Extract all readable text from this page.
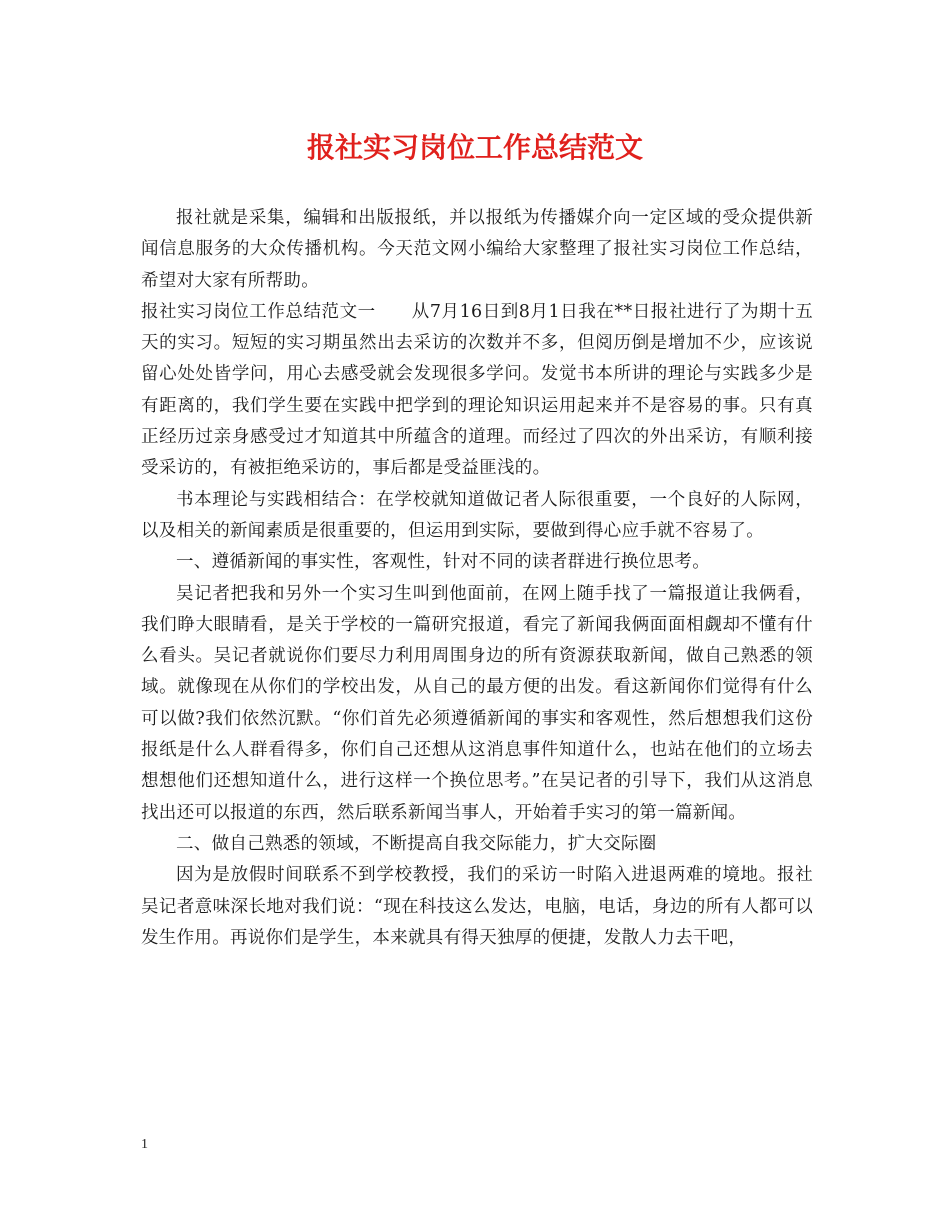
报社实习岗位工作总结范文

报社就是采集，编辑和出版报纸，并以报纸为传播媒介向一定区域的受众提供新闻信息服务的大众传播机构。今天范文网小编给大家整理了报社实习岗位工作总结，希望对大家有所帮助。

报社实习岗位工作总结范文一　　从7月16日到8月1日我在**日报社进行了为期十五天的实习。短短的实习期虽然出去采访的次数并不多，但阅历倒是增加不少，应该说留心处处皆学问，用心去感受就会发现很多学问。发觉书本所讲的理论与实践多少是有距离的，我们学生要在实践中把学到的理论知识运用起来并不是容易的事。只有真正经历过亲身感受过才知道其中所蕴含的道理。而经过了四次的外出采访，有顺利接受采访的，有被拒绝采访的，事后都是受益匪浅的。

书本理论与实践相结合：在学校就知道做记者人际很重要，一个良好的人际网，以及相关的新闻素质是很重要的，但运用到实际，要做到得心应手就不容易了。

一、遵循新闻的事实性，客观性，针对不同的读者群进行换位思考。

吴记者把我和另外一个实习生叫到他面前，在网上随手找了一篇报道让我俩看，我们睁大眼睛看，是关于学校的一篇研究报道，看完了新闻我俩面面相觑却不懂有什么看头。吴记者就说你们要尽力利用周围身边的所有资源获取新闻，做自己熟悉的领域。就像现在从你们的学校出发，从自己的最方便的出发。看这新闻你们觉得有什么可以做?我们依然沉默。“你们首先必须遵循新闻的事实和客观性，然后想想我们这份报纸是什么人群看得多，你们自己还想从这消息事件知道什么，也站在他们的立场去想想他们还想知道什么，进行这样一个换位思考。”在吴记者的引导下，我们从这消息找出还可以报道的东西，然后联系新闻当事人，开始着手实习的第一篇新闻。

二、做自己熟悉的领域，不断提高自我交际能力，扩大交际圈

因为是放假时间联系不到学校教授，我们的采访一时陷入进退两难的境地。报社吴记者意味深长地对我们说：“现在科技这么发达，电脑，电话，身边的所有人都可以发生作用。再说你们是学生，本来就具有得天独厚的便捷，发散人力去干吧，

1
